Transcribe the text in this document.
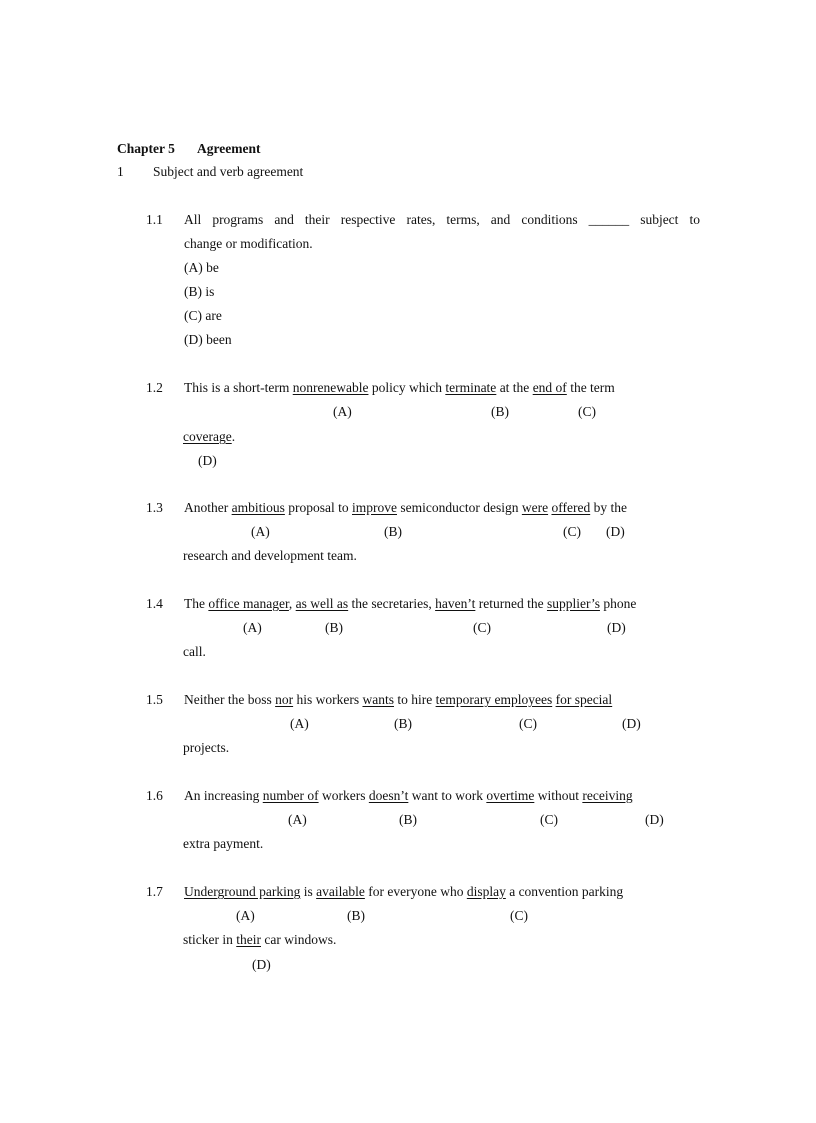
Chapter 5 Agreement
1 Subject and verb agreement
1.1 All programs and their respective rates, terms, and conditions ______ subject to
change or modification.
(A) be
(B) is
(C) are
(D) been
1.2 This is a short-term nonrenewable policy which terminate at the end of the term
(A)	(B)	(C)
coverage.
(D)
1.3 Another ambitious proposal to improve semiconductor design were offered by the
(A)	(B)	(C) (D)
research and development team.
1.4 The office manager, as well as the secretaries, haven’t returned the supplier’s phone
(A)	(B)	(C)	(D)
call.
1.5 Neither the boss nor his workers wants to hire temporary employees for special
(A)	(B)	(C)	(D)
projects.
1.6 An increasing number of workers doesn’t want to work overtime without receiving
(A)	(B)	(C)	(D)
extra payment.
1.7 Underground parking is available for everyone who display a convention parking
(A)	(B)	(C)
sticker in their car windows.
(D)
